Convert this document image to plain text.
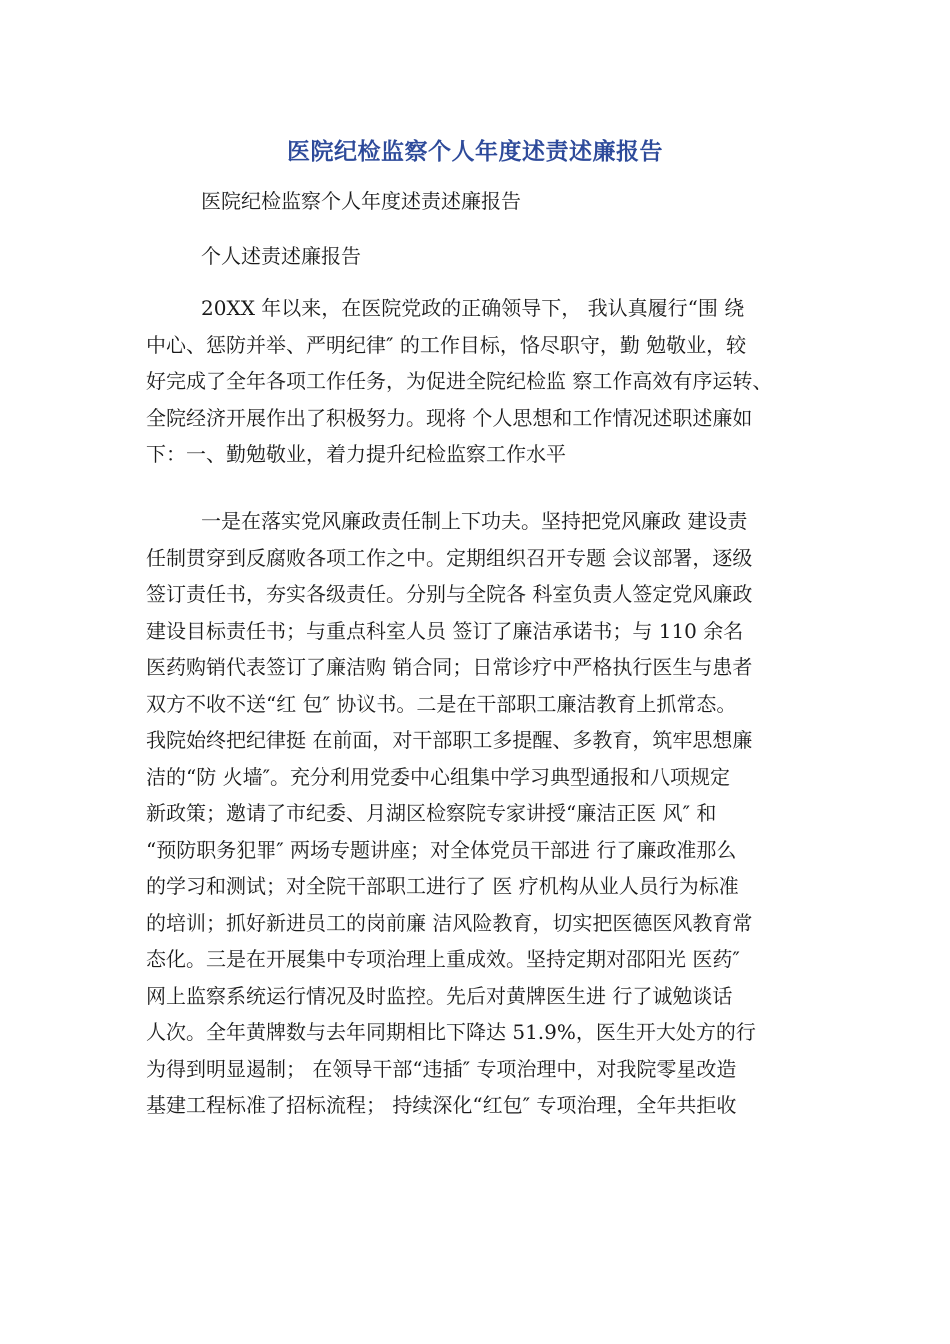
医院纪检监察个人年度述责述廉报告
医院纪检监察个人年度述责述廉报告
个人述责述廉报告
20XX 年以来，在医院党政的正确领导下， 我认真履行“围 绕
中心、惩防并举、严明纪律″ 的工作目标，恪尽职守，勤 勉敬业，较
好完成了全年各项工作任务，为促进全院纪检监 察工作高效有序运转、
全院经济开展作出了积极努力。现将 个人思想和工作情况述职述廉如
下：一、勤勉敬业，着力提升纪检监察工作水平
一是在落实党风廉政责任制上下功夫。坚持把党风廉政 建设责
任制贯穿到反腐败各项工作之中。定期组织召开专题 会议部署，逐级
签订责任书，夯实各级责任。分别与全院各 科室负责人签定党风廉政
建设目标责任书；与重点科室人员 签订了廉洁承诺书；与 110 余名
医药购销代表签订了廉洁购 销合同；日常诊疗中严格执行医生与患者
双方不收不送“红 包″ 协议书。二是在干部职工廉洁教育上抓常态。
我院始终把纪律挺 在前面，对干部职工多提醒、多教育，筑牢思想廉
洁的“防 火墙″。充分利用党委中心组集中学习典型通报和八项规定
新政策；邀请了市纪委、月湖区检察院专家讲授“廉洁正医 风″ 和
“预防职务犯罪″ 两场专题讲座；对全体党员干部进 行了廉政准那么
的学习和测试；对全院干部职工进行了 医 疗机构从业人员行为标准
的培训；抓好新进员工的岗前廉 洁风险教育，切实把医德医风教育常
态化。三是在开展集中专项治理上重成效。坚持定期对邵阳光 医药″
网上监察系统运行情况及时监控。先后对黄牌医生进 行了诚勉谈话
人次。全年黄牌数与去年同期相比下降达 51.9%，医生开大处方的行
为得到明显遏制； 在领导干部“违插″ 专项治理中，对我院零星改造
基建工程标准了招标流程； 持续深化“红包″ 专项治理，全年共拒收
